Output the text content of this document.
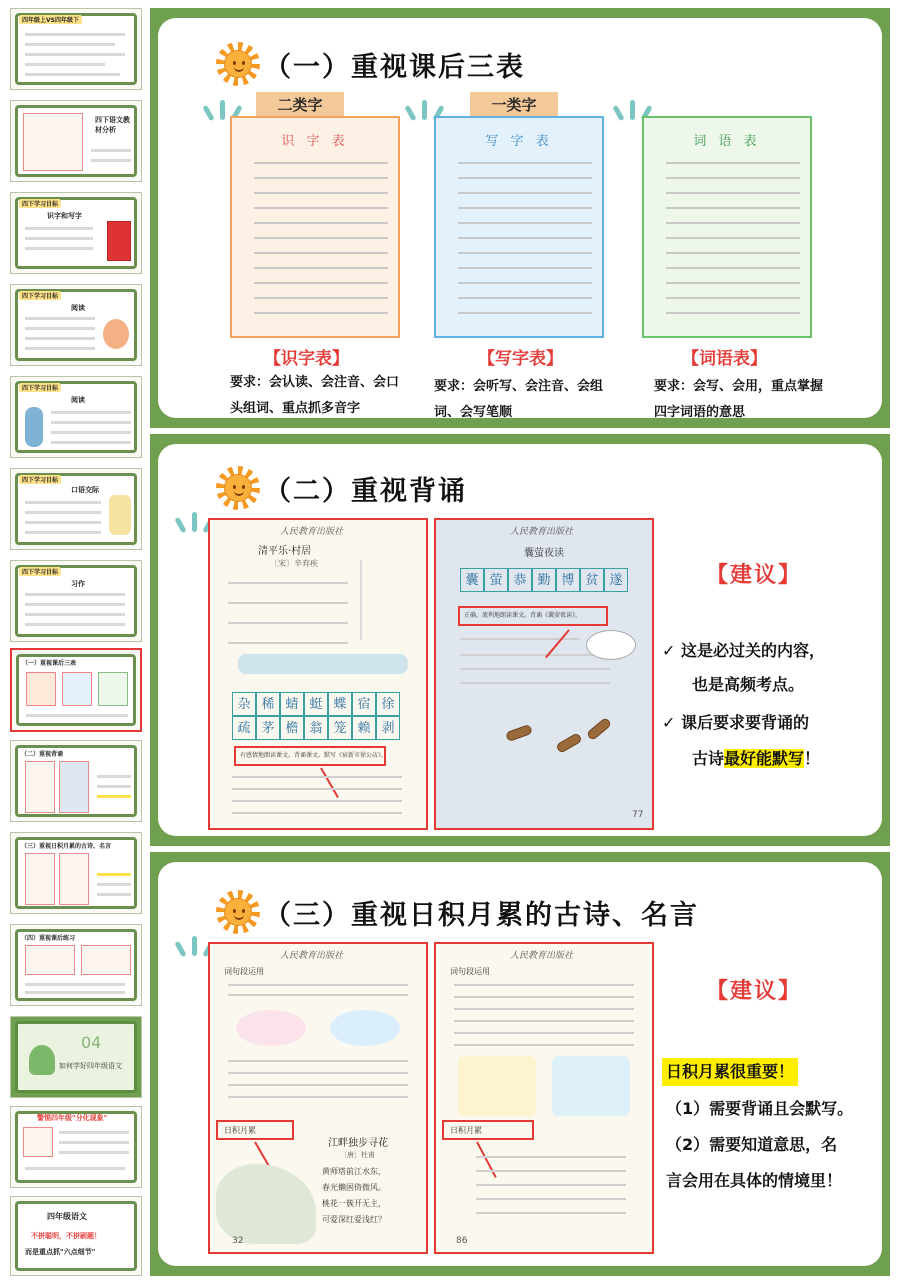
四年级上VS四年级下
四下语文教材分析
四下学习目标
识字和写字
四下学习目标
阅读
四下学习目标
阅读
四下学习目标
口语交际
四下学习目标
习作
（一）重视课后三表
（二）重视背诵
（三）重视日积月累的古诗、名言
（四）重视课后练习
04
如何学好四年级语文
警惕四年级"分化现象"
四年级语文
不拼聪明，不拼刷题！
而是重点抓"六点细节"
（一）重视课后三表
二类字	一类字
识 字 表	写 字 表	词 语 表
【识字表】	【写字表】	【词语表】
要求：会认读、会注音、会口头组词、重点抓多音字
要求：会听写、会注音、会组词、会写笔顺
要求：会写、会用，重点掌握四字词语的意思
（二）重视背诵
人民教育出版社
清平乐·村居
〔宋〕辛弃疾
杂 稀 蜻 蜓 蝶 宿 徐
疏 茅 檐 翁 笼 赖 剥
有感情地朗读课文。背诵课文。默写《宿新市徐公店》。
人民教育出版社
囊萤夜读
囊 萤 恭 勤 博 贫 遂
正确、流利地朗读课文。背诵《囊萤夜读》。
77
【建议】
✓ 这是必过关的内容，
也是高频考点。
✓ 课后要求要背诵的
古诗最好能默写！
（三）重视日积月累的古诗、名言
人民教育出版社
词句段运用
日积月累
江畔独步寻花
〔唐〕杜甫
黄师塔前江水东，
春光懒困倚微风。
桃花一簇开无主，
可爱深红爱浅红？
32
人民教育出版社
词句段运用
日积月累
86
【建议】
日积月累很重要！
（1）需要背诵且会默写。
（2）需要知道意思，名
言会用在具体的情境里！
